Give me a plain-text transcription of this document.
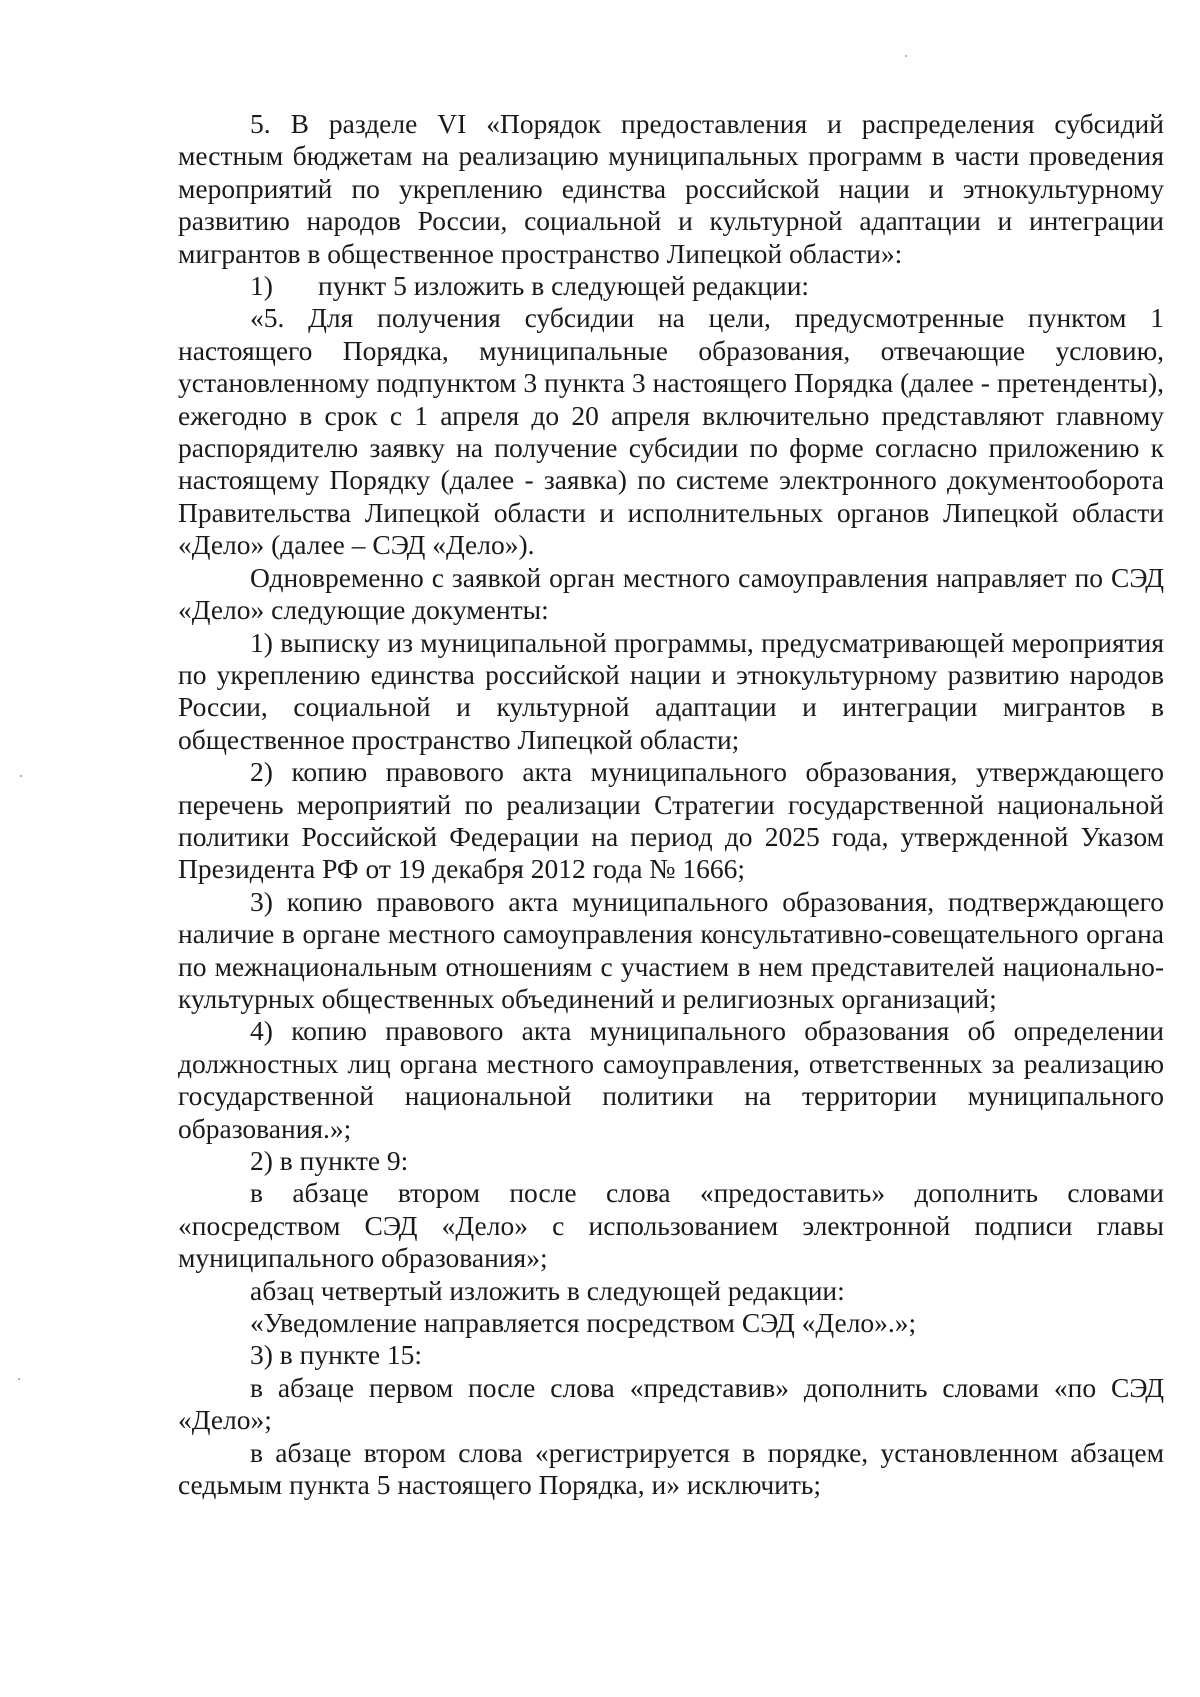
5. В разделе VI «Порядок предоставления и распределения субсидий местным бюджетам на реализацию муниципальных программ в части проведения мероприятий по укреплению единства российской нации и этнокультурному развитию народов России, социальной и культурной адаптации и интеграции мигрантов в общественное пространство Липецкой области»:

1) пункт 5 изложить в следующей редакции:

«5. Для получения субсидии на цели, предусмотренные пунктом 1 настоящего Порядка, муниципальные образования, отвечающие условию, установленному подпунктом 3 пункта 3 настоящего Порядка (далее - претенденты), ежегодно в срок с 1 апреля до 20 апреля включительно представляют главному распорядителю заявку на получение субсидии по форме согласно приложению к настоящему Порядку (далее - заявка) по системе электронного документооборота Правительства Липецкой области и исполнительных органов Липецкой области «Дело» (далее – СЭД «Дело»).

Одновременно с заявкой орган местного самоуправления направляет по СЭД «Дело» следующие документы:

1) выписку из муниципальной программы, предусматривающей мероприятия по укреплению единства российской нации и этнокультурному развитию народов России, социальной и культурной адаптации и интеграции мигрантов в общественное пространство Липецкой области;

2) копию правового акта муниципального образования, утверждающего перечень мероприятий по реализации Стратегии государственной национальной политики Российской Федерации на период до 2025 года, утвержденной Указом Президента РФ от 19 декабря 2012 года № 1666;

3) копию правового акта муниципального образования, подтверждающего наличие в органе местного самоуправления консультативно-совещательного органа по межнациональным отношениям с участием в нем представителей национально-культурных общественных объединений и религиозных организаций;

4) копию правового акта муниципального образования об определении должностных лиц органа местного самоуправления, ответственных за реализацию государственной национальной политики на территории муниципального образования.»;

2) в пункте 9:

в абзаце втором после слова «предоставить» дополнить словами «посредством СЭД «Дело» с использованием электронной подписи главы муниципального образования»;

абзац четвертый изложить в следующей редакции:

«Уведомление направляется посредством СЭД «Дело».»;

3) в пункте 15:

в абзаце первом после слова «представив» дополнить словами «по СЭД «Дело»;

в абзаце втором слова «регистрируется в порядке, установленном абзацем седьмым пункта 5 настоящего Порядка, и» исключить;
